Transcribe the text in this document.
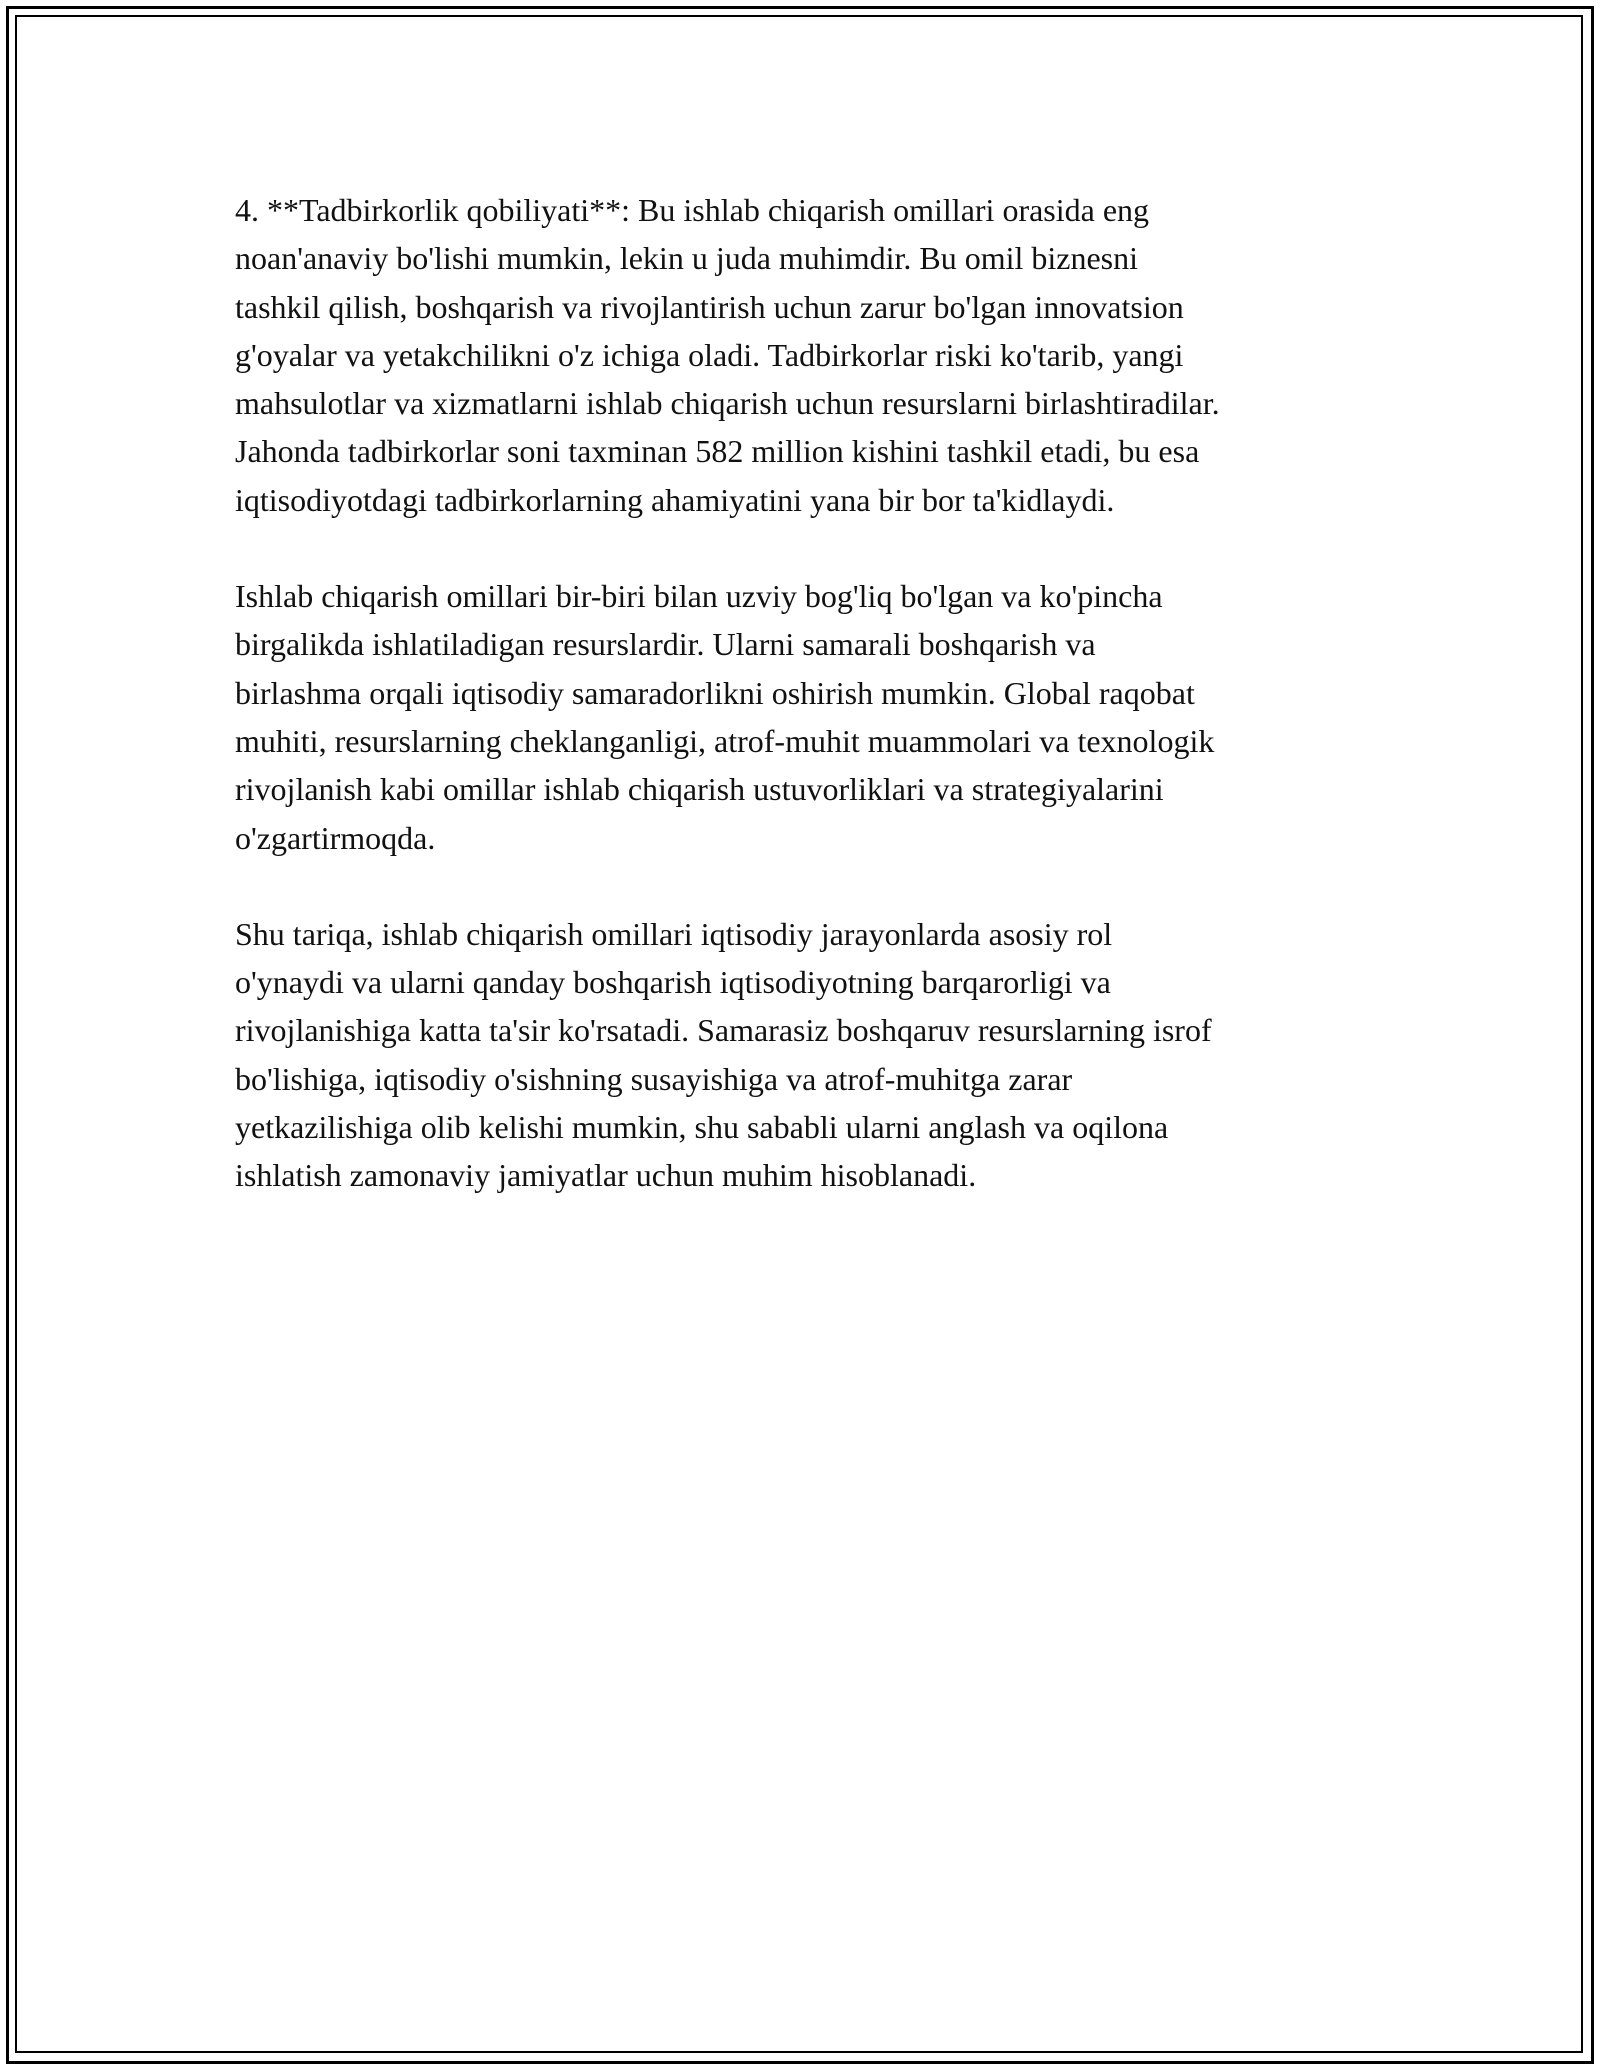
4. **Tadbirkorlik qobiliyati**: Bu ishlab chiqarish omillari orasida eng
noan'anaviy bo'lishi mumkin, lekin u juda muhimdir. Bu omil biznesni
tashkil qilish, boshqarish va rivojlantirish uchun zarur bo'lgan innovatsion
g'oyalar va yetakchilikni o'z ichiga oladi. Tadbirkorlar riski ko'tarib, yangi
mahsulotlar va xizmatlarni ishlab chiqarish uchun resurslarni birlashtiradilar.
Jahonda tadbirkorlar soni taxminan 582 million kishini tashkil etadi, bu esa
iqtisodiyotdagi tadbirkorlarning ahamiyatini yana bir bor ta'kidlaydi.

Ishlab chiqarish omillari bir-biri bilan uzviy bog'liq bo'lgan va ko'pincha
birgalikda ishlatiladigan resurslardir. Ularni samarali boshqarish va
birlashma orqali iqtisodiy samaradorlikni oshirish mumkin. Global raqobat
muhiti, resurslarning cheklanganligi, atrof-muhit muammolari va texnologik
rivojlanish kabi omillar ishlab chiqarish ustuvorliklari va strategiyalarini
o'zgartirmoqda.

Shu tariqa, ishlab chiqarish omillari iqtisodiy jarayonlarda asosiy rol
o'ynaydi va ularni qanday boshqarish iqtisodiyotning barqarorligi va
rivojlanishiga katta ta'sir ko'rsatadi. Samarasiz boshqaruv resurslarning isrof
bo'lishiga, iqtisodiy o'sishning susayishiga va atrof-muhitga zarar
yetkazilishiga olib kelishi mumkin, shu sababli ularni anglash va oqilona
ishlatish zamonaviy jamiyatlar uchun muhim hisoblanadi.
